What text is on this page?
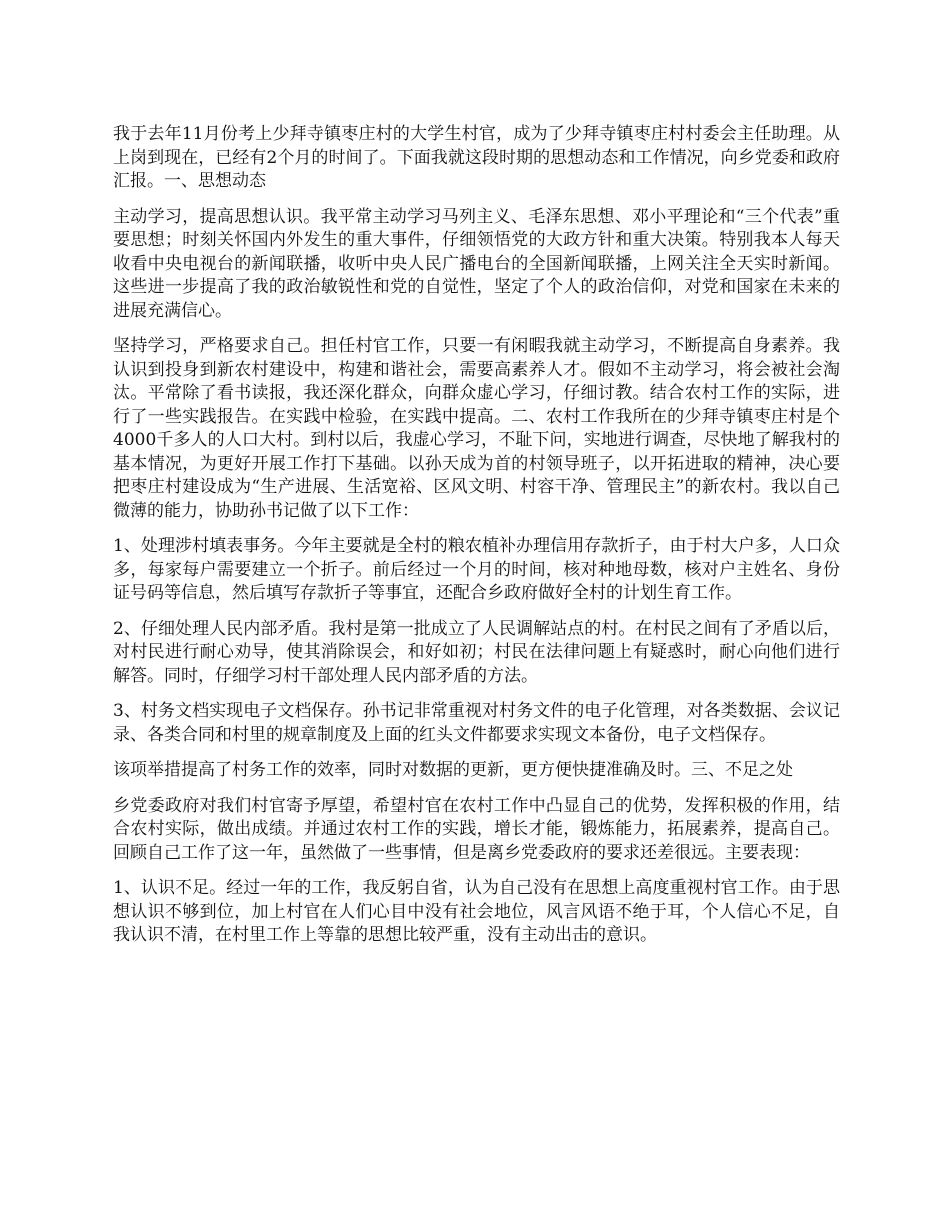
我于去年11月份考上少拜寺镇枣庄村的大学生村官，成为了少拜寺镇枣庄村村委会主任助理。从上岗到现在，已经有2个月的时间了。下面我就这段时期的思想动态和工作情况，向乡党委和政府汇报。一、思想动态

主动学习，提高思想认识。我平常主动学习马列主义、毛泽东思想、邓小平理论和“三个代表”重要思想；时刻关怀国内外发生的重大事件，仔细领悟党的大政方针和重大决策。特别我本人每天收看中央电视台的新闻联播，收听中央人民广播电台的全国新闻联播，上网关注全天实时新闻。这些进一步提高了我的政治敏锐性和党的自觉性，坚定了个人的政治信仰，对党和国家在未来的进展充满信心。

坚持学习，严格要求自己。担任村官工作，只要一有闲暇我就主动学习，不断提高自身素养。我认识到投身到新农村建设中，构建和谐社会，需要高素养人才。假如不主动学习，将会被社会淘汰。平常除了看书读报，我还深化群众，向群众虚心学习，仔细讨教。结合农村工作的实际，进行了一些实践报告。在实践中检验，在实践中提高。二、农村工作我所在的少拜寺镇枣庄村是个4000千多人的人口大村。到村以后，我虚心学习，不耻下问，实地进行调查，尽快地了解我村的基本情况，为更好开展工作打下基础。以孙天成为首的村领导班子，以开拓进取的精神，决心要把枣庄村建设成为“生产进展、生活宽裕、区风文明、村容干净、管理民主”的新农村。我以自己微薄的能力，协助孙书记做了以下工作：

1、处理涉村填表事务。今年主要就是全村的粮农植补办理信用存款折子，由于村大户多，人口众多，每家每户需要建立一个折子。前后经过一个月的时间，核对种地母数，核对户主姓名、身份证号码等信息，然后填写存款折子等事宜，还配合乡政府做好全村的计划生育工作。

2、仔细处理人民内部矛盾。我村是第一批成立了人民调解站点的村。在村民之间有了矛盾以后，对村民进行耐心劝导，使其消除误会，和好如初；村民在法律问题上有疑惑时，耐心向他们进行解答。同时，仔细学习村干部处理人民内部矛盾的方法。

3、村务文档实现电子文档保存。孙书记非常重视对村务文件的电子化管理，对各类数据、会议记录、各类合同和村里的规章制度及上面的红头文件都要求实现文本备份，电子文档保存。

该项举措提高了村务工作的效率，同时对数据的更新，更方便快捷准确及时。三、不足之处

乡党委政府对我们村官寄予厚望，希望村官在农村工作中凸显自己的优势，发挥积极的作用，结合农村实际，做出成绩。并通过农村工作的实践，增长才能，锻炼能力，拓展素养，提高自己。回顾自己工作了这一年，虽然做了一些事情，但是离乡党委政府的要求还差很远。主要表现：

1、认识不足。经过一年的工作，我反躬自省，认为自己没有在思想上高度重视村官工作。由于思想认识不够到位，加上村官在人们心目中没有社会地位，风言风语不绝于耳，个人信心不足，自我认识不清，在村里工作上等靠的思想比较严重，没有主动出击的意识。
